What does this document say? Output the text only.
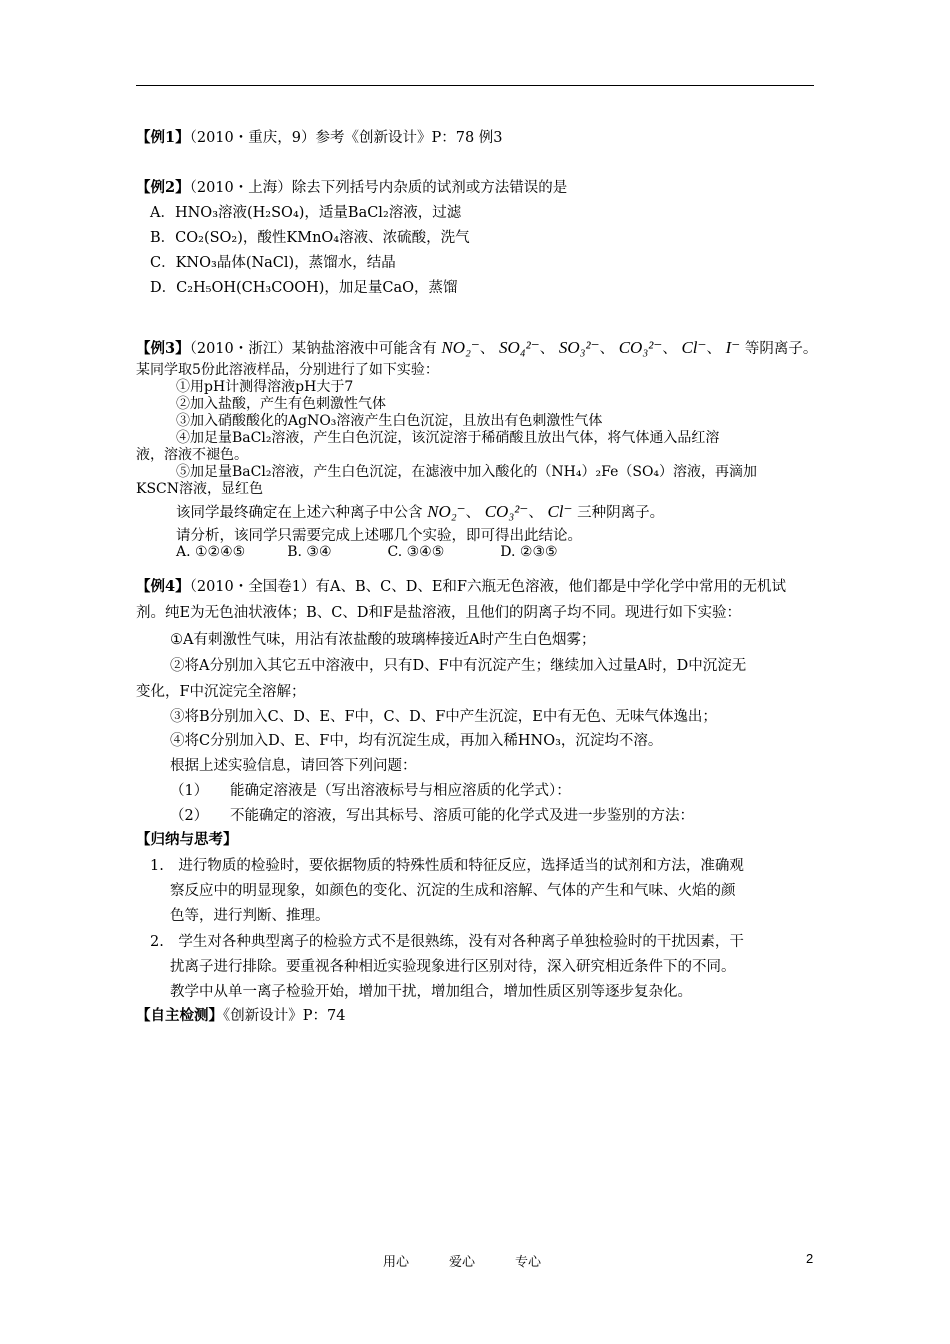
【例1】（2010・重庆，9）参考《创新设计》P：78 例3
【例2】（2010・上海）除去下列括号内杂质的试剂或方法错误的是
A．HNO₃溶液(H₂SO₄)，适量BaCl₂溶液，过滤
B．CO₂(SO₂)，酸性KMnO₄溶液、浓硫酸，洗气
C．KNO₃晶体(NaCl)，蒸馏水，结晶
D．C₂H₅OH(CH₃COOH)，加足量CaO，蒸馏
【例3】（2010・浙江）某钠盐溶液中可能含有 NO₂⁻、 SO₄²⁻、 SO₃²⁻、 CO₃²⁻、 Cl⁻、 I⁻ 等阴离子。
某同学取5份此溶液样品，分别进行了如下实验：
①用pH计测得溶液pH大于7
②加入盐酸，产生有色刺激性气体
③加入硝酸酸化的AgNO₃溶液产生白色沉淀，且放出有色刺激性气体
④加足量BaCl₂溶液，产生白色沉淀，该沉淀溶于稀硝酸且放出气体，将气体通入品红溶
液，溶液不褪色。
⑤加足量BaCl₂溶液，产生白色沉淀，在滤液中加入酸化的（NH₄）₂Fe（SO₄）溶液，再滴加
KSCN溶液，显红色
该同学最终确定在上述六种离子中公含 NO₂⁻、 CO₃²⁻、 Cl⁻ 三种阴离子。
请分析，该同学只需要完成上述哪几个实验，即可得出此结论。
A. ①②④⑤　　　B. ③④　　　　C. ③④⑤　　　　D. ②③⑤
【例4】（2010・全国卷1）有A、B、C、D、E和F六瓶无色溶液，他们都是中学化学中常用的无机试
剂。纯E为无色油状液体；B、C、D和F是盐溶液，且他们的阴离子均不同。现进行如下实验：
①A有刺激性气味，用沾有浓盐酸的玻璃棒接近A时产生白色烟雾；
②将A分别加入其它五中溶液中，只有D、F中有沉淀产生；继续加入过量A时，D中沉淀无
变化，F中沉淀完全溶解；
③将B分别加入C、D、E、F中，C、D、F中产生沉淀，E中有无色、无味气体逸出；
④将C分别加入D、E、F中，均有沉淀生成，再加入稀HNO₃，沉淀均不溶。
根据上述实验信息，请回答下列问题：
（1）　　能确定溶液是（写出溶液标号与相应溶质的化学式）：
（2）　　不能确定的溶液，写出其标号、溶质可能的化学式及进一步鉴别的方法：
【归纳与思考】
1.　进行物质的检验时，要依据物质的特殊性质和特征反应，选择适当的试剂和方法，准确观
察反应中的明显现象，如颜色的变化、沉淀的生成和溶解、气体的产生和气味、火焰的颜
色等，进行判断、推理。
2.　学生对各种典型离子的检验方式不是很熟练，没有对各种离子单独检验时的干扰因素，干
扰离子进行排除。要重视各种相近实验现象进行区别对待，深入研究相近条件下的不同。
教学中从单一离子检验开始，增加干扰，增加组合，增加性质区别等逐步复杂化。
【自主检测】《创新设计》P：74
用心	爱心	专心	2
